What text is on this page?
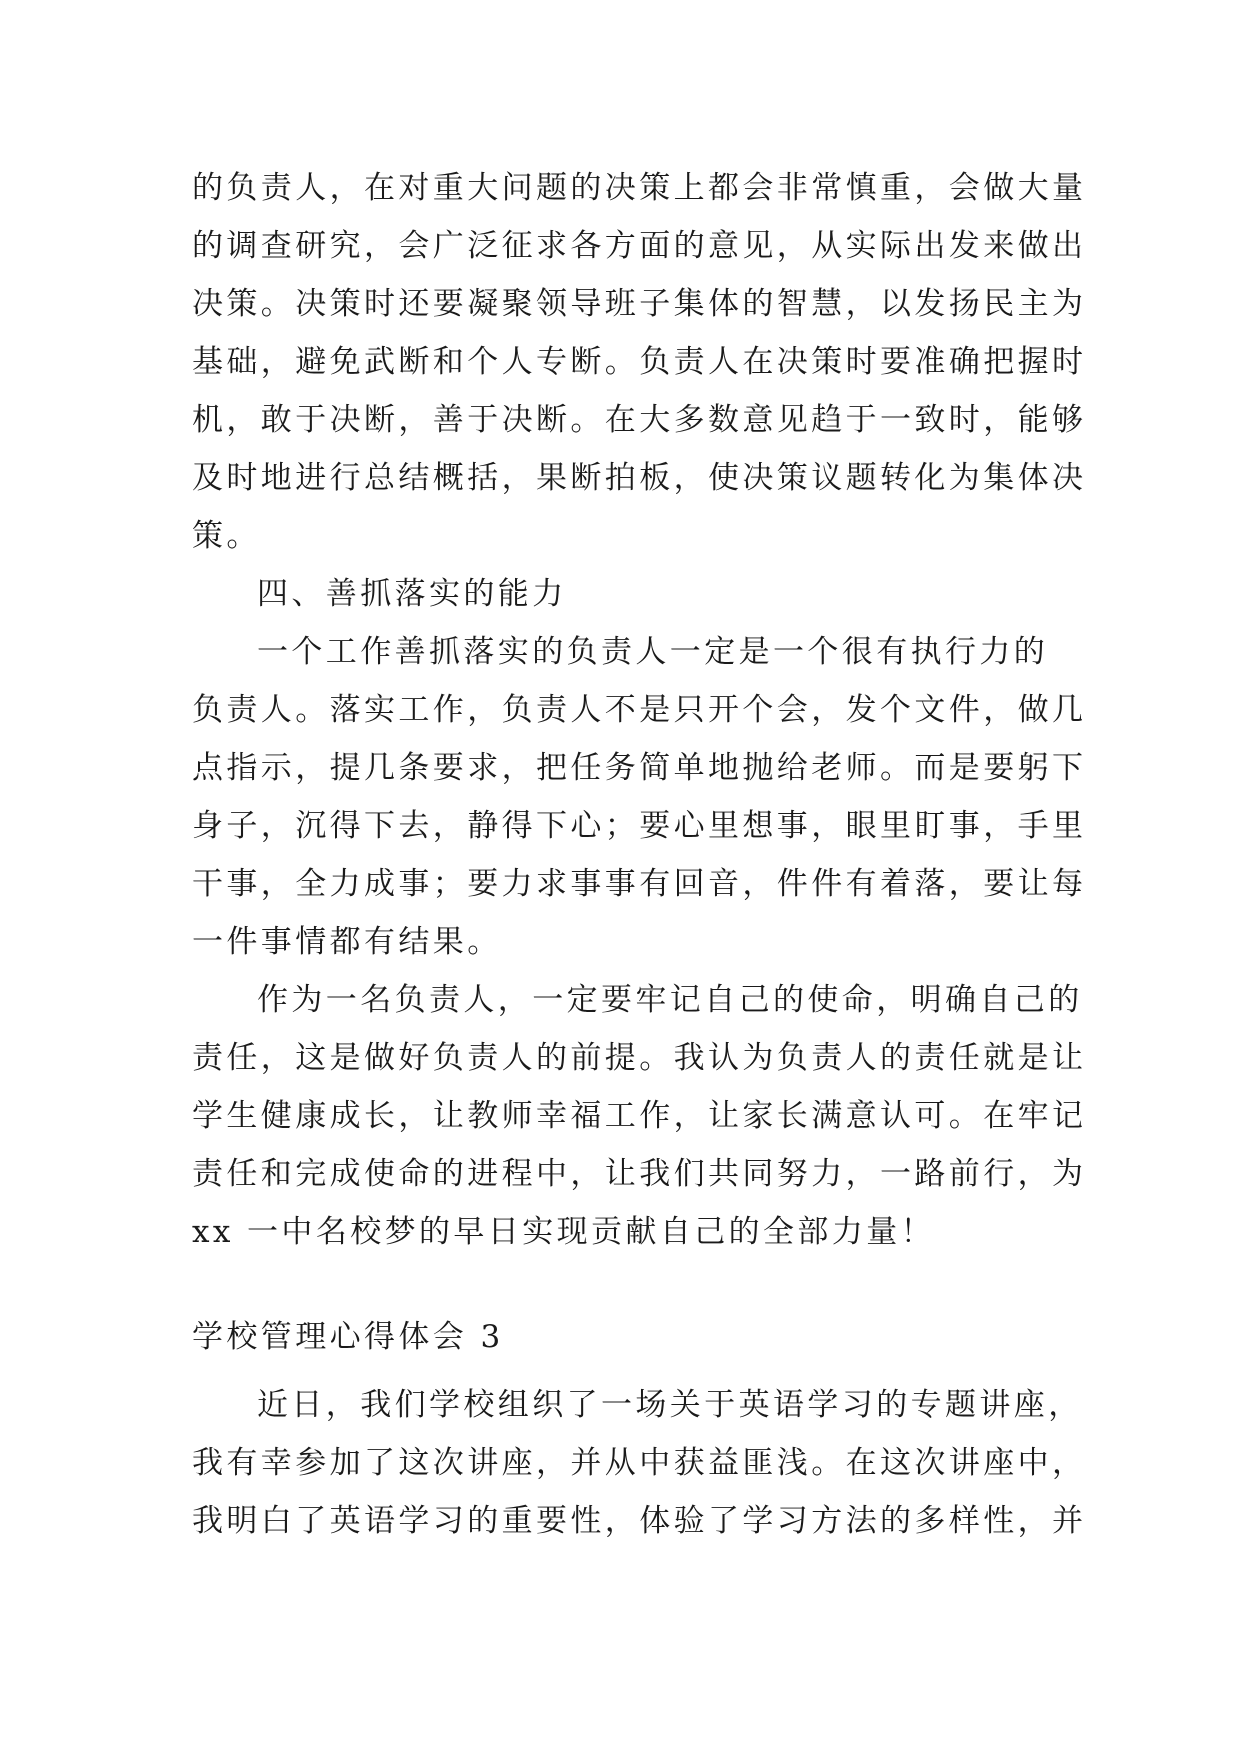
的负责人，在对重大问题的决策上都会非常慎重，会做大量
的调查研究，会广泛征求各方面的意见，从实际出发来做出
决策。决策时还要凝聚领导班子集体的智慧，以发扬民主为
基础，避免武断和个人专断。负责人在决策时要准确把握时
机，敢于决断，善于决断。在大多数意见趋于一致时，能够
及时地进行总结概括，果断拍板，使决策议题转化为集体决
策。
四、善抓落实的能力
一个工作善抓落实的负责人一定是一个很有执行力的
负责人。落实工作，负责人不是只开个会，发个文件，做几
点指示，提几条要求，把任务简单地抛给老师。而是要躬下
身子，沉得下去，静得下心；要心里想事，眼里盯事，手里
干事，全力成事；要力求事事有回音，件件有着落，要让每
一件事情都有结果。
作为一名负责人，一定要牢记自己的使命，明确自己的
责任，这是做好负责人的前提。我认为负责人的责任就是让
学生健康成长，让教师幸福工作，让家长满意认可。在牢记
责任和完成使命的进程中，让我们共同努力，一路前行，为
xx 一中名校梦的早日实现贡献自己的全部力量！
学校管理心得体会 3
近日，我们学校组织了一场关于英语学习的专题讲座，
我有幸参加了这次讲座，并从中获益匪浅。在这次讲座中，
我明白了英语学习的重要性，体验了学习方法的多样性，并
